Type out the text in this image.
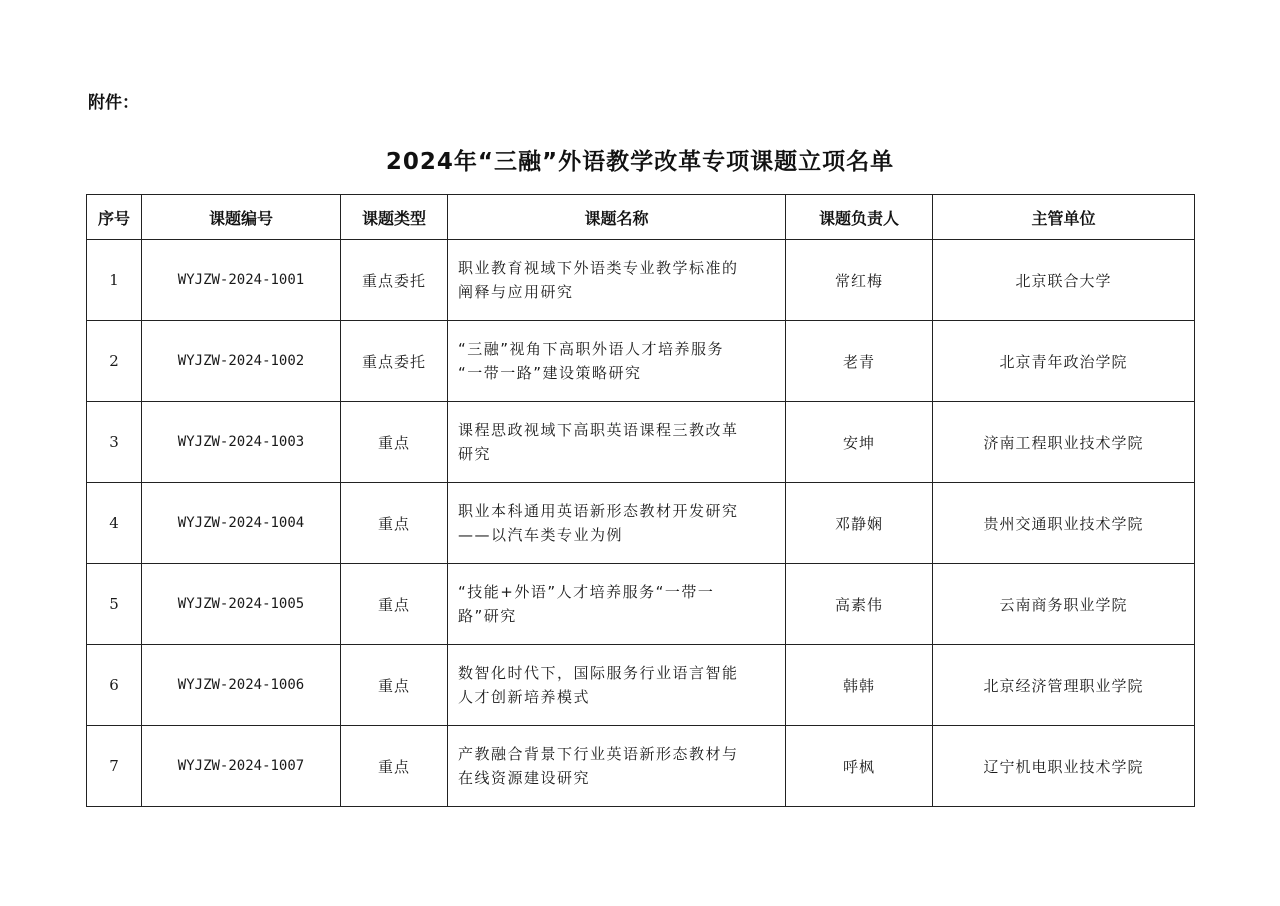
附件：
2024年“三融”外语教学改革专项课题立项名单
序号	课题编号	课题类型	课题名称	课题负责人	主管单位
1	WYJZW-2024-1001	重点委托	职业教育视域下外语类专业教学标准的
阐释与应用研究	常红梅	北京联合大学
2	WYJZW-2024-1002	重点委托	“三融”视角下高职外语人才培养服务
“一带一路”建设策略研究	老青	北京青年政治学院
3	WYJZW-2024-1003	重点	课程思政视域下高职英语课程三教改革
研究	安坤	济南工程职业技术学院
4	WYJZW-2024-1004	重点	职业本科通用英语新形态教材开发研究
——以汽车类专业为例	邓静娴	贵州交通职业技术学院
5	WYJZW-2024-1005	重点	“技能+外语”人才培养服务“一带一
路”研究	高素伟	云南商务职业学院
6	WYJZW-2024-1006	重点	数智化时代下，国际服务行业语言智能
人才创新培养模式	韩韩	北京经济管理职业学院
7	WYJZW-2024-1007	重点	产教融合背景下行业英语新形态教材与
在线资源建设研究	呼枫	辽宁机电职业技术学院
